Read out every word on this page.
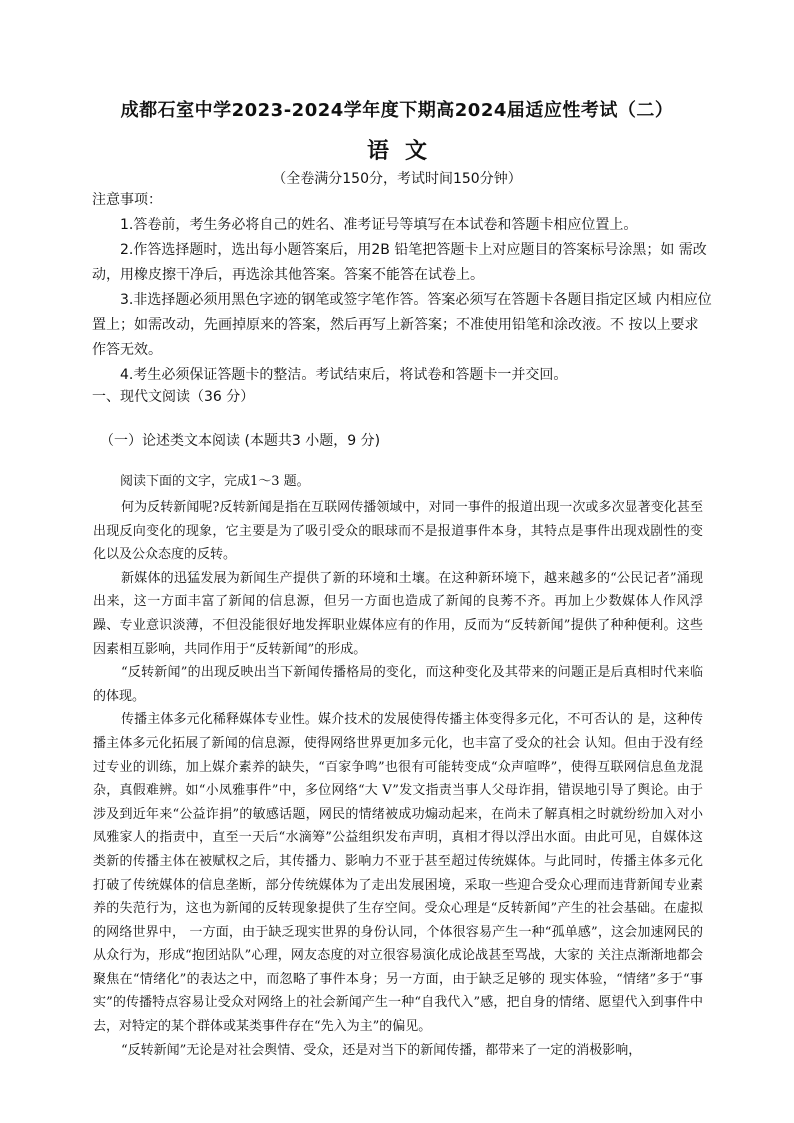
成都石室中学2023-2024学年度下期高2024届适应性考试（二）
语文
（全卷满分150分，考试时间150分钟）

注意事项：

1.答卷前，考生务必将自己的姓名、准考证号等填写在本试卷和答题卡相应位置上。

2.作答选择题时，选出每小题答案后，用2B 铅笔把答题卡上对应题目的答案标号涂黑；如 需改动，用橡皮擦干净后，再选涂其他答案。答案不能答在试卷上。

3.非选择题必须用黑色字迹的钢笔或签字笔作答。答案必须写在答题卡各题目指定区域 内相应位置上；如需改动，先画掉原来的答案，然后再写上新答案；不准使用铅笔和涂改液。不 按以上要求作答无效。

4.考生必须保证答题卡的整洁。考试结束后，将试卷和答题卡一并交回。

一、现代文阅读（36 分）
（一）论述类文本阅读 (本题共3 小题，9 分)
阅读下面的文字，完成1～3 题。

何为反转新闻呢?反转新闻是指在互联网传播领域中，对同一事件的报道出现一次或多次显著变化甚至出现反向变化的现象，它主要是为了吸引受众的眼球而不是报道事件本身，其特点是事件出现戏剧性的变化以及公众态度的反转。

新媒体的迅猛发展为新闻生产提供了新的环境和土壤。在这种新环境下，越来越多的“公民记者”涌现出来，这一方面丰富了新闻的信息源，但另一方面也造成了新闻的良莠不齐。再加上少数媒体人作风浮躁、专业意识淡薄，不但没能很好地发挥职业媒体应有的作用，反而为“反转新闻”提供了种种便利。这些因素相互影响，共同作用于“反转新闻”的形成。

“反转新闻”的出现反映出当下新闻传播格局的变化，而这种变化及其带来的问题正是后真相时代来临的体现。

传播主体多元化稀释媒体专业性。媒介技术的发展使得传播主体变得多元化，不可否认的 是，这种传播主体多元化拓展了新闻的信息源，使得网络世界更加多元化，也丰富了受众的社会 认知。但由于没有经过专业的训练，加上媒介素养的缺失，“百家争鸣”也很有可能转变成“众声喧哗”，使得互联网信息鱼龙混杂，真假难辨。如“小凤雅事件”中，多位网络“大 V”发文指责当事人父母诈捐，错误地引导了舆论。由于涉及到近年来“公益诈捐”的敏感话题，网民的情绪被成功煽动起来，在尚未了解真相之时就纷纷加入对小凤雅家人的指责中，直至一天后“水滴筹”公益组织发布声明，真相才得以浮出水面。由此可见，自媒体这类新的传播主体在被赋权之后，其传播力、影响力不亚于甚至超过传统媒体。与此同时，传播主体多元化打破了传统媒体的信息垄断，部分传统媒体为了走出发展困境，采取一些迎合受众心理而违背新闻专业素养的失范行为，这也为新闻的反转现象提供了生存空间。受众心理是“反转新闻”产生的社会基础。在虚拟的网络世界中， 一方面，由于缺乏现实世界的身份认同，个体很容易产生一种“孤单感”，这会加速网民的从众行为，形成“抱团站队”心理，网友态度的对立很容易演化成论战甚至骂战，大家的 关注点渐渐地都会聚焦在“情绪化”的表达之中，而忽略了事件本身；另一方面，由于缺乏足够的 现实体验，“情绪”多于“事实”的传播特点容易让受众对网络上的社会新闻产生一种“自我代入”感，把自身的情绪、愿望代入到事件中去，对特定的某个群体或某类事件存在“先入为主”的偏见。

“反转新闻”无论是对社会舆情、受众，还是对当下的新闻传播，都带来了一定的消极影响，
